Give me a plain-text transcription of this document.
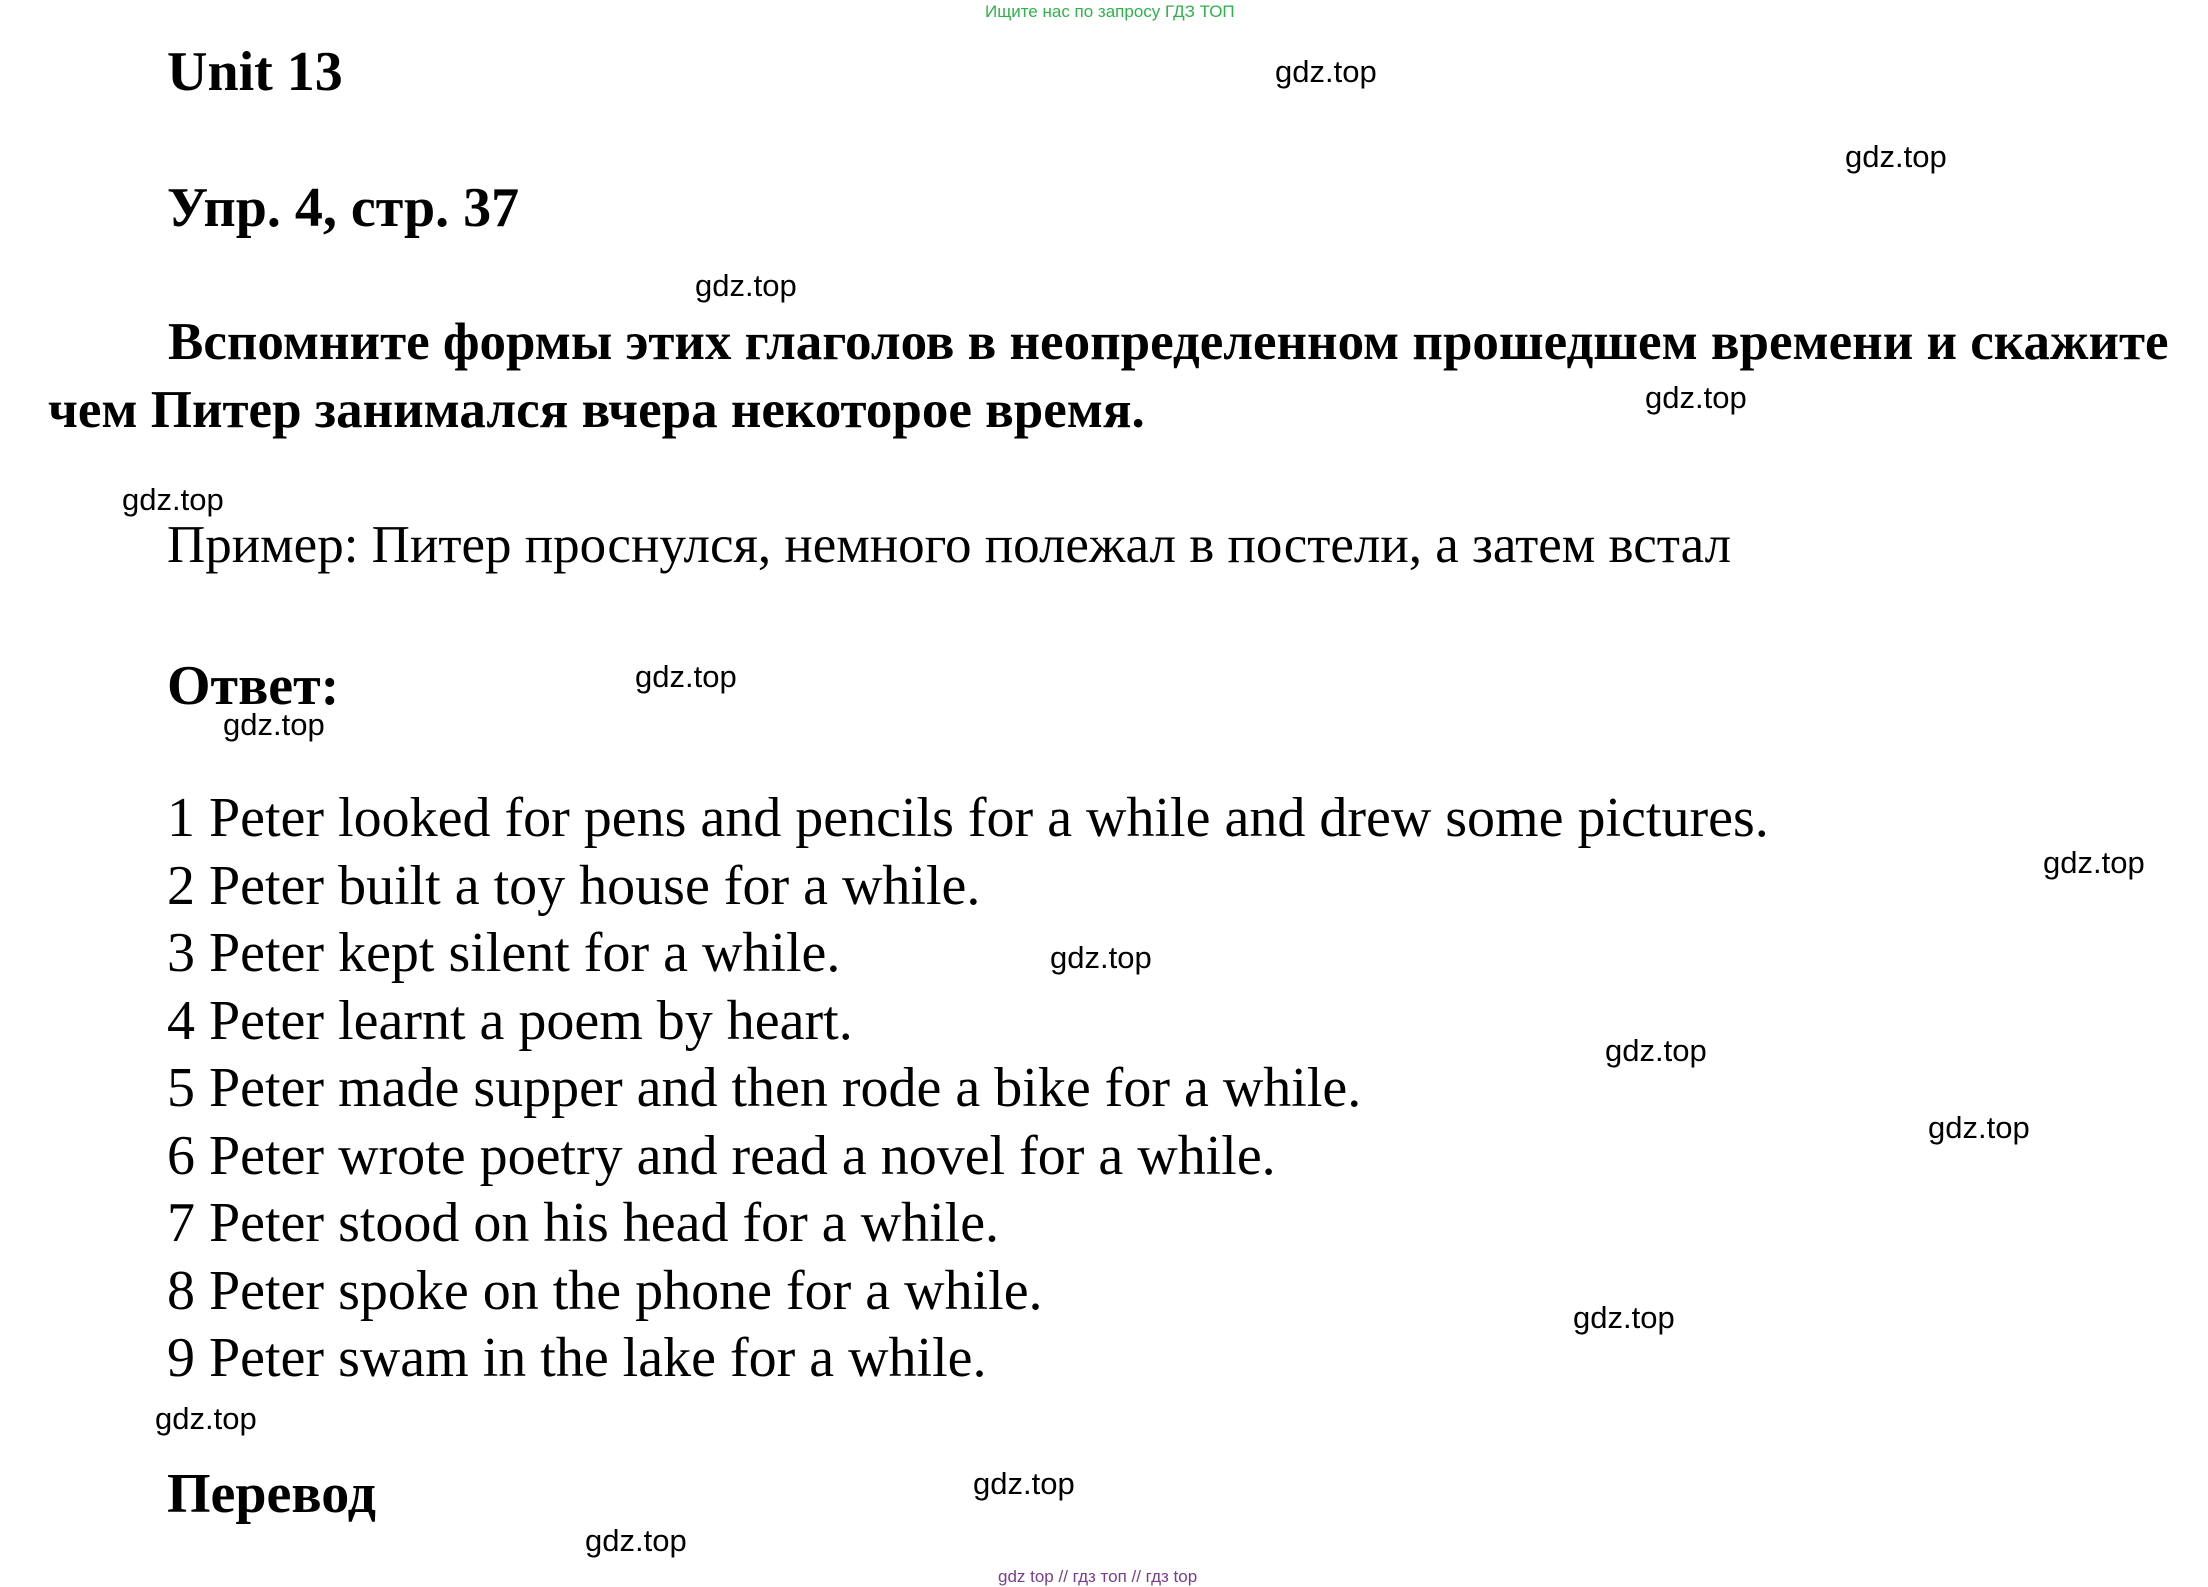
Ищите нас по запросу ГДЗ ТОП
Unit 13
Упр. 4, стр. 37
Вспомните формы этих глаголов в неопределенном прошедшем времени и скажите чем Питер занимался вчера некоторое время.
Пример: Питер проснулся, немного полежал в постели, а затем встал
Ответ:
1 Peter looked for pens and pencils for a while and drew some pictures.
2 Peter built a toy house for a while.
3 Peter kept silent for a while.
4 Peter learnt a poem by heart.
5 Peter made supper and then rode a bike for a while.
6 Peter wrote poetry and read a novel for a while.
7 Peter stood on his head for a while.
8 Peter spoke on the phone for a while.
9 Peter swam in the lake for a while.
Перевод
gdz.top
gdz.top
gdz.top
gdz.top
gdz.top
gdz.top
gdz.top
gdz.top
gdz.top
gdz.top
gdz.top
gdz.top
gdz.top
gdz.top
gdz.top
gdz top // гдз топ // гдз top
